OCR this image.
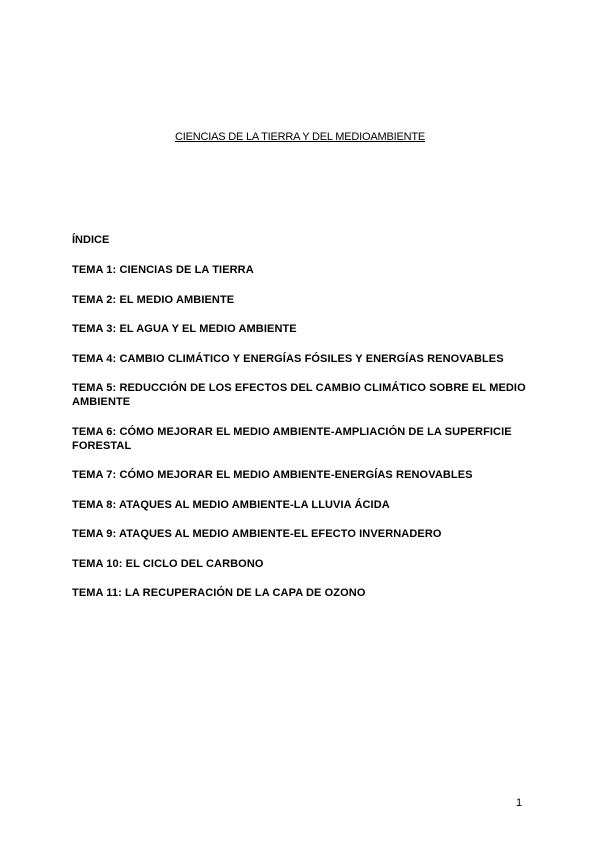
CIENCIAS DE LA TIERRA Y DEL MEDIOAMBIENTE
ÍNDICE
TEMA 1: CIENCIAS DE LA TIERRA
TEMA 2: EL MEDIO AMBIENTE
TEMA 3: EL AGUA Y EL MEDIO AMBIENTE
TEMA 4: CAMBIO CLIMÁTICO Y ENERGÍAS FÓSILES Y ENERGÍAS RENOVABLES
TEMA 5: REDUCCIÓN DE LOS EFECTOS DEL CAMBIO CLIMÁTICO SOBRE EL MEDIO AMBIENTE
TEMA 6: CÓMO MEJORAR EL MEDIO AMBIENTE-AMPLIACIÓN DE LA SUPERFICIE FORESTAL
TEMA 7: CÓMO MEJORAR EL MEDIO AMBIENTE-ENERGÍAS RENOVABLES
TEMA 8: ATAQUES AL MEDIO AMBIENTE-LA LLUVIA ÁCIDA
TEMA 9: ATAQUES AL MEDIO AMBIENTE-EL EFECTO INVERNADERO
TEMA 10: EL CICLO DEL CARBONO
TEMA 11: LA RECUPERACIÓN DE LA CAPA DE OZONO
1
